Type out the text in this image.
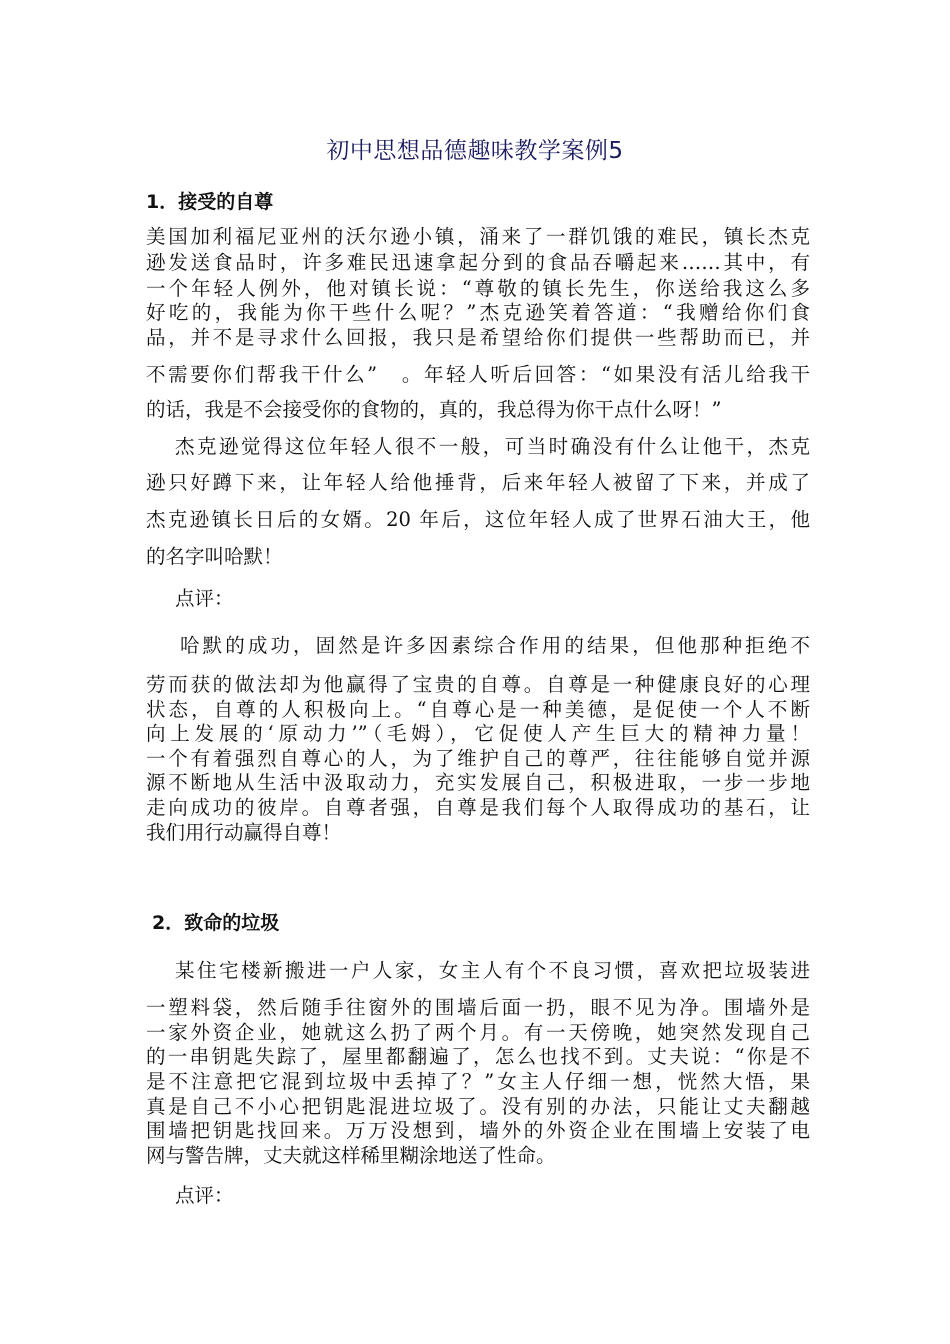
初中思想品德趣味教学案例5
1．接受的自尊
美国加利福尼亚州的沃尔逊小镇，涌来了一群饥饿的难民，镇长杰克
逊发送食品时，许多难民迅速拿起分到的食品吞嚼起来……其中，有
一个年轻人例外，他对镇长说：“尊敬的镇长先生，你送给我这么多
好吃的，我能为你干些什么呢？”杰克逊笑着答道：“我赠给你们食
品，并不是寻求什么回报，我只是希望给你们提供一些帮助而已，并
不需要你们帮我干什么”　。年轻人听后回答：“如果没有活儿给我干
的话，我是不会接受你的食物的，真的，我总得为你干点什么呀！”
杰克逊觉得这位年轻人很不一般，可当时确没有什么让他干，杰克
逊只好蹲下来，让年轻人给他捶背，后来年轻人被留了下来，并成了
杰克逊镇长日后的女婿。20 年后，这位年轻人成了世界石油大王，他
的名字叫哈默！
点评：
哈默的成功，固然是许多因素综合作用的结果，但他那种拒绝不
劳而获的做法却为他赢得了宝贵的自尊。自尊是一种健康良好的心理
状态，自尊的人积极向上。“自尊心是一种美德，是促使一个人不断
向上发展的‘原动力’”（毛姆），它促使人产生巨大的精神力量！
一个有着强烈自尊心的人，为了维护自己的尊严，往往能够自觉并源
源不断地从生活中汲取动力，充实发展自己，积极进取，一步一步地
走向成功的彼岸。自尊者强，自尊是我们每个人取得成功的基石，让
我们用行动赢得自尊！
2．致命的垃圾
某住宅楼新搬进一户人家，女主人有个不良习惯，喜欢把垃圾装进
一塑料袋，然后随手往窗外的围墙后面一扔，眼不见为净。围墙外是
一家外资企业，她就这么扔了两个月。有一天傍晚，她突然发现自己
的一串钥匙失踪了，屋里都翻遍了，怎么也找不到。丈夫说：“你是不
是不注意把它混到垃圾中丢掉了？”女主人仔细一想，恍然大悟，果
真是自己不小心把钥匙混进垃圾了。没有别的办法，只能让丈夫翻越
围墙把钥匙找回来。万万没想到，墙外的外资企业在围墙上安装了电
网与警告牌，丈夫就这样稀里糊涂地送了性命。
点评：
